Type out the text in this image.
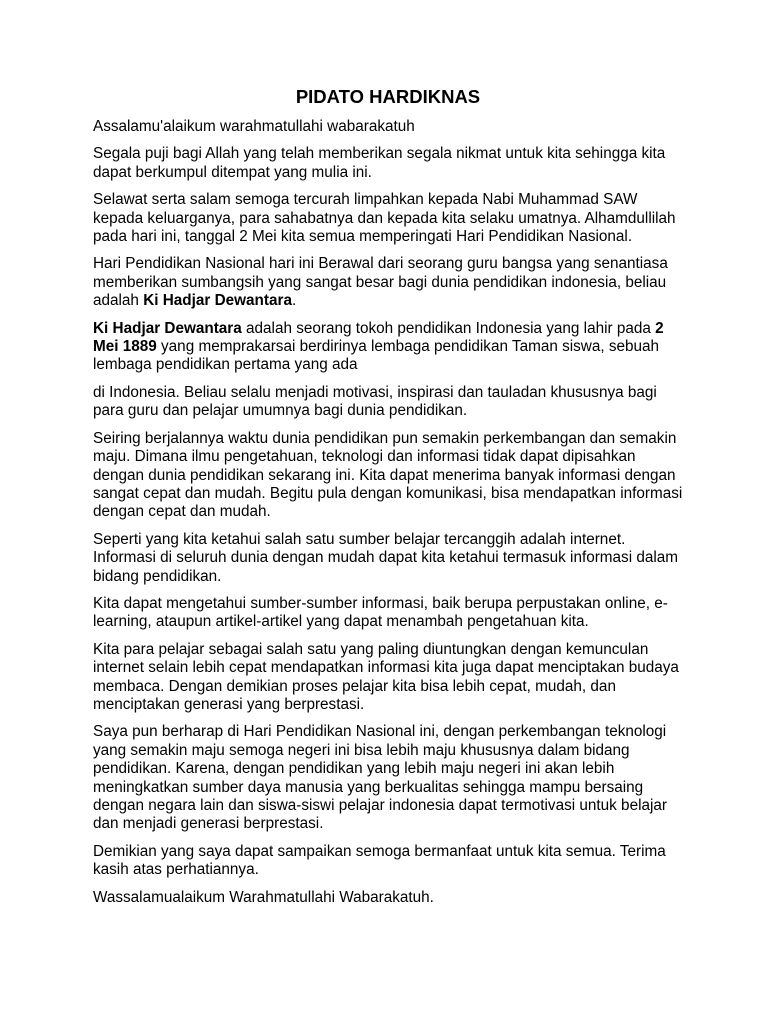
PIDATO HARDIKNAS

Assalamu'alaikum warahmatullahi wabarakatuh

Segala puji bagi Allah yang telah memberikan segala nikmat untuk kita sehingga kita dapat berkumpul ditempat yang mulia ini.

Selawat serta salam semoga tercurah limpahkan kepada Nabi Muhammad SAW kepada keluarganya, para sahabatnya dan kepada kita selaku umatnya. Alhamdullilah pada hari ini, tanggal 2 Mei kita semua memperingati Hari Pendidikan Nasional.

Hari Pendidikan Nasional hari ini Berawal dari seorang guru bangsa yang senantiasa memberikan sumbangsih yang sangat besar bagi dunia pendidikan indonesia, beliau adalah Ki Hadjar Dewantara.

Ki Hadjar Dewantara adalah seorang tokoh pendidikan Indonesia yang lahir pada 2 Mei 1889 yang memprakarsai berdirinya lembaga pendidikan Taman siswa, sebuah lembaga pendidikan pertama yang ada

di Indonesia. Beliau selalu menjadi motivasi, inspirasi dan tauladan khususnya bagi para guru dan pelajar umumnya bagi dunia pendidikan.

Seiring berjalannya waktu dunia pendidikan pun semakin perkembangan dan semakin maju. Dimana ilmu pengetahuan, teknologi dan informasi tidak dapat dipisahkan dengan dunia pendidikan sekarang ini. Kita dapat menerima banyak informasi dengan sangat cepat dan mudah. Begitu pula dengan komunikasi, bisa mendapatkan informasi dengan cepat dan mudah.

Seperti yang kita ketahui salah satu sumber belajar tercanggih adalah internet. Informasi di seluruh dunia dengan mudah dapat kita ketahui termasuk informasi dalam bidang pendidikan.

Kita dapat mengetahui sumber-sumber informasi, baik berupa perpustakan online, e-learning, ataupun artikel-artikel yang dapat menambah pengetahuan kita.

Kita para pelajar sebagai salah satu yang paling diuntungkan dengan kemunculan internet selain lebih cepat mendapatkan informasi kita juga dapat menciptakan budaya membaca. Dengan demikian proses pelajar kita bisa lebih cepat, mudah, dan menciptakan generasi yang berprestasi.

Saya pun berharap di Hari Pendidikan Nasional ini, dengan perkembangan teknologi yang semakin maju semoga negeri ini bisa lebih maju khususnya dalam bidang pendidikan. Karena, dengan pendidikan yang lebih maju negeri ini akan lebih meningkatkan sumber daya manusia yang berkualitas sehingga mampu bersaing dengan negara lain dan siswa-siswi pelajar indonesia dapat termotivasi untuk belajar dan menjadi generasi berprestasi.

Demikian yang saya dapat sampaikan semoga bermanfaat untuk kita semua. Terima kasih atas perhatiannya.

Wassalamualaikum Warahmatullahi Wabarakatuh.
